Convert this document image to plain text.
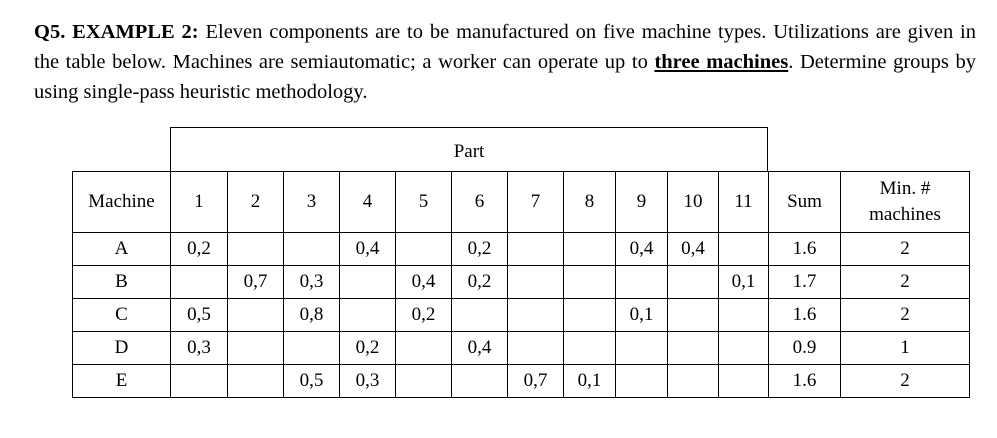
Q5. EXAMPLE 2: Eleven components are to be manufactured on five machine types. Utilizations are given in the table below. Machines are semiautomatic; a worker can operate up to three machines. Determine groups by using single-pass heuristic methodology.
Part
Machine	1	2	3	4	5	6	7	8	9	10	11	Sum	Min. #
machines
A	0,2			0,4		0,2			0,4	0,4		1.6	2
B		0,7	0,3		0,4	0,2					0,1	1.7	2
C	0,5		0,8		0,2				0,1			1.6	2
D	0,3			0,2		0,4						0.9	1
E			0,5	0,3			0,7	0,1				1.6	2
